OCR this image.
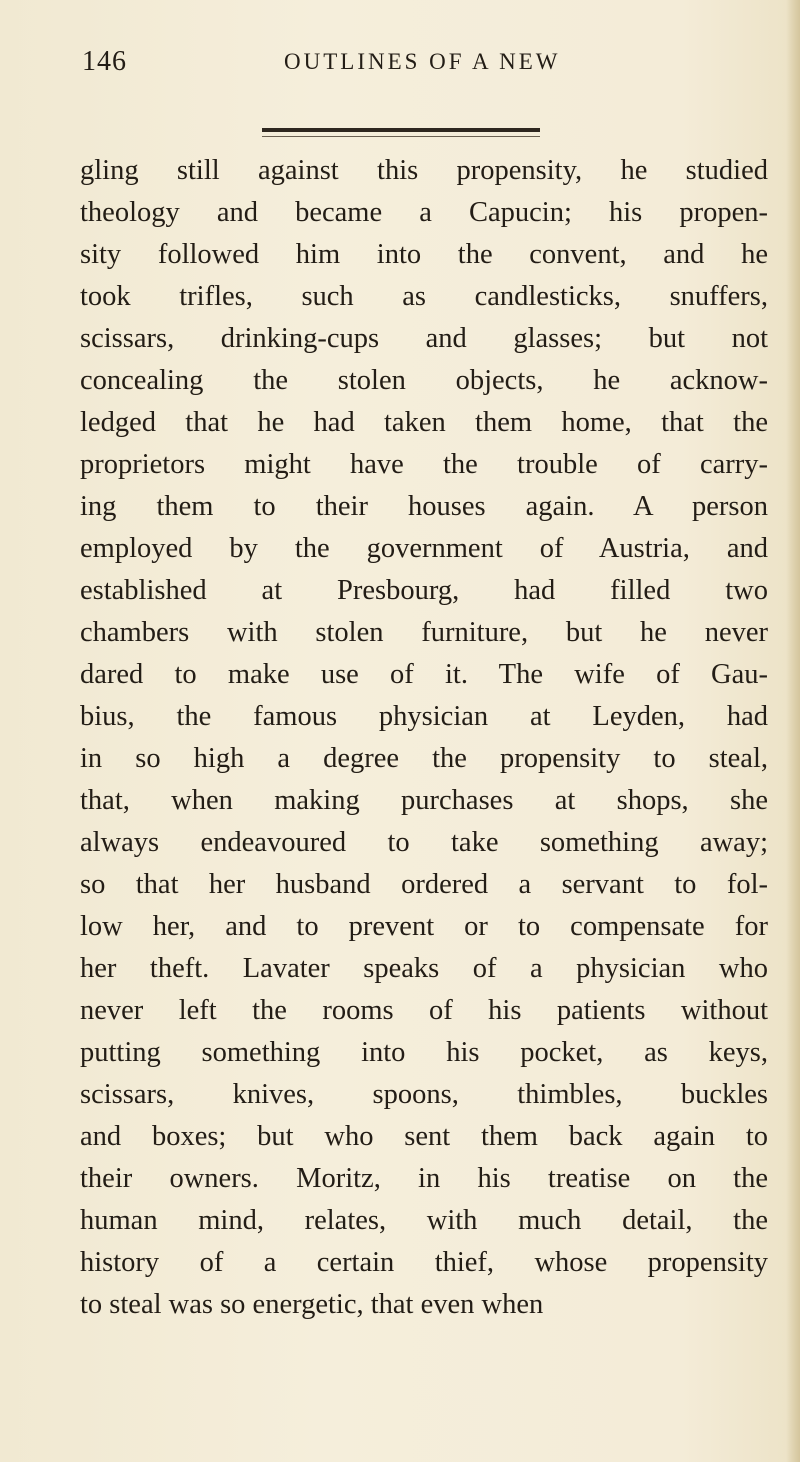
146	OUTLINES OF A NEW
gling still against this propensity, he studied
theology and became a Capucin; his propen-
sity followed him into the convent, and he
took trifles, such as candlesticks, snuffers,
scissars, drinking-cups and glasses; but not
concealing the stolen objects, he acknow-
ledged that he had taken them home, that the
proprietors might have the trouble of carry-
ing them to their houses again. A person
employed by the government of Austria, and
established at Presbourg, had filled two
chambers with stolen furniture, but he never
dared to make use of it. The wife of Gau-
bius, the famous physician at Leyden, had
in so high a degree the propensity to steal,
that, when making purchases at shops, she
always endeavoured to take something away;
so that her husband ordered a servant to fol-
low her, and to prevent or to compensate for
her theft. Lavater speaks of a physician who
never left the rooms of his patients without
putting something into his pocket, as keys,
scissars, knives, spoons, thimbles, buckles
and boxes; but who sent them back again to
their owners. Moritz, in his treatise on the
human mind, relates, with much detail, the
history of a certain thief, whose propensity
to steal was so energetic, that even when
